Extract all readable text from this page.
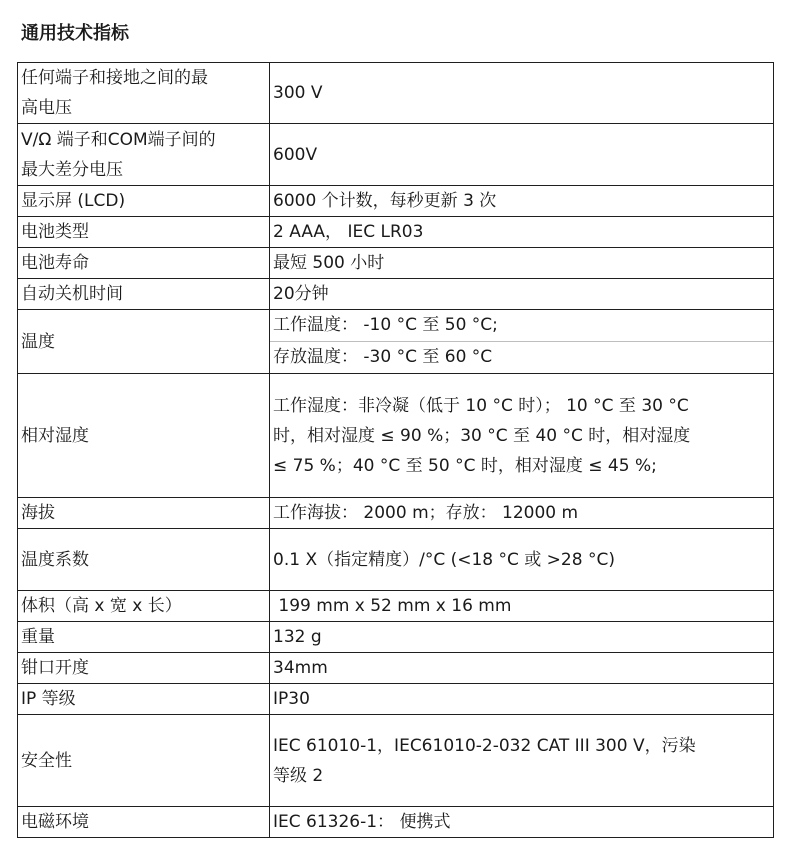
通用技术指标
任何端子和接地之间的最
高电压	300 V

V/Ω 端子和COM端子间的
最大差分电压	600V
显示屏 (LCD)	6000 个计数，每秒更新 3 次
电池类型	2 AAA， IEC LR03
电池寿命	最短 500 小时
自动关机时间	20分钟
温度	工作温度： -10 °C 至 50 °C;
存放温度： -30 °C 至 60 °C

相对湿度	工作湿度：非冷凝（低于 10 °C 时）； 10 °C 至 30 °C
时，相对湿度 ≤ 90 %；30 °C 至 40 °C 时，相对湿度
≤ 75 %；40 °C 至 50 °C 时，相对湿度 ≤ 45 %;

海拔	工作海拔： 2000 m；存放： 12000 m
温度系数	0.1 X（指定精度）/°C (<18 °C 或 >28 °C)
体积（高 x 宽 x 长）	199 mm x 52 mm x 16 mm
重量	132 g
钳口开度	34mm
IP 等级	IP30
安全性	IEC 61010-1，IEC61010-2-032 CAT III 300 V，污染
等级 2

电磁环境	IEC 61326-1： 便携式
